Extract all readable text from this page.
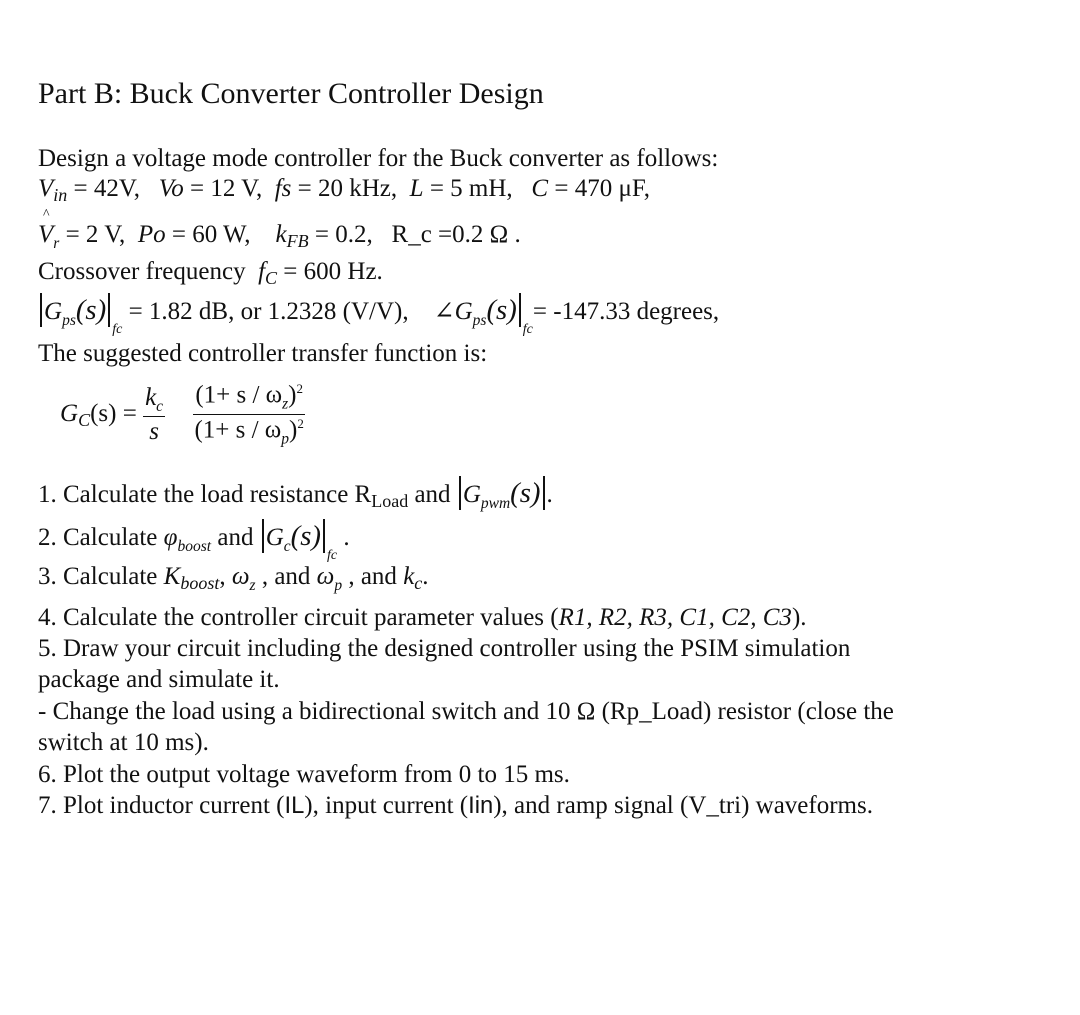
Part B: Buck Converter Controller Design
Design a voltage mode controller for the Buck converter as follows:
$V_{in} = 42V$, Vo = 12 V, fs = 20 kHz, L = 5 mH, C = 470 μF,
V
^
$_r$ = 2 V, Po = 60 W, $k_{FB} = 0.2$, R_c =0.2 Ω .
Crossover frequency $f_C = 600$ Hz.
$G_{ps}(s)_{fc} = 1.82$ dB, or 1.2328 (V/V), $\angle G_{ps}(s)_{fc}= -147.33$ degrees,
The suggested controller transfer function is:
$G_C(s) = \frac{k_c}{s}$
$\frac{(1+ s / \omega_z)^2}{(1+ s / \omega_p)^2}$
1. Calculate the load resistance $R_{Load}$ and $G_{pwm}(s)$ .
2. Calculate $\varphi_{boost}$ and $G_c(s)_{fc}$ .
3. Calculate $K_{boost}$, $\omega_z$ , and $\omega_p$ , and $k_c$.
4. Calculate the controller circuit parameter values (R1, R2, R3, C1, C2, C3).
5. Draw your circuit including the designed controller using the PSIM simulation
package and simulate it.
- Change the load using a bidirectional switch and 10 Ω (Rp_Load) resistor (close the
switch at 10 ms).
6. Plot the output voltage waveform from 0 to 15 ms.
7. Plot inductor current (IL), input current (Iin), and ramp signal (V_tri) waveforms.
